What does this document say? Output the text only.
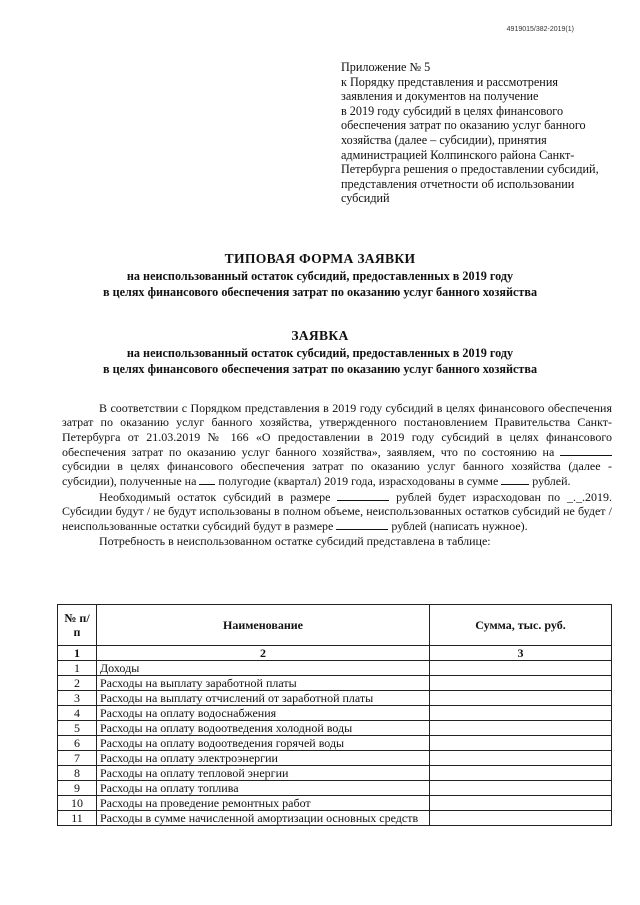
4919015/382-2019(1)
Приложение № 5
к Порядку представления и рассмотрения
заявления и документов на получение
в 2019 году субсидий в целях финансового
обеспечения затрат по оказанию услуг банного
хозяйства (далее – субсидии), принятия
администрацией Колпинского района Санкт-
Петербурга решения о предоставлении субсидий,
представления отчетности об использовании
субсидий
ТИПОВАЯ ФОРМА ЗАЯВКИ
на неиспользованный остаток субсидий, предоставленных в 2019 году
в целях финансового обеспечения затрат по оказанию услуг банного хозяйства
ЗАЯВКА
на неиспользованный остаток субсидий, предоставленных в 2019 году
в целях финансового обеспечения затрат по оказанию услуг банного хозяйства

В соответствии с Порядком представления в 2019 году субсидий в целях финансового обеспечения затрат по оказанию услуг банного хозяйства, утвержденного постановлением Правительства Санкт-Петербурга от 21.03.2019 № 166 «О предоставлении в 2019 году субсидий в целях финансового обеспечения затрат по оказанию услуг банного хозяйства», заявляем, что по состоянию на  субсидии в целях финансового обеспечения затрат по оказанию услуг банного хозяйства (далее - субсидии), полученные на полугодие (квартал) 2019 года, израсходованы в сумме	рублей.

Необходимый остаток субсидий в размере	рублей будет израсходован по _._.2019. Субсидии будут / не будут использованы в полном объеме, неиспользованных остатков субсидий не будет / неиспользованные остатки субсидий будут в размере	рублей (написать нужное).

Потребность в неиспользованном остатке субсидий представлена в таблице:

№ п/п	Наименование	Сумма, тыс. руб.
1	2	3
1	Доходы	
2	Расходы на выплату заработной платы	
3	Расходы на выплату отчислений от заработной платы	
4	Расходы на оплату водоснабжения	
5	Расходы на оплату водоотведения холодной воды	
6	Расходы на оплату водоотведения горячей воды	
7	Расходы на оплату электроэнергии	
8	Расходы на оплату тепловой энергии	
9	Расходы на оплату топлива	
10	Расходы на проведение ремонтных работ	
11	Расходы в сумме начисленной амортизации основных средств	
